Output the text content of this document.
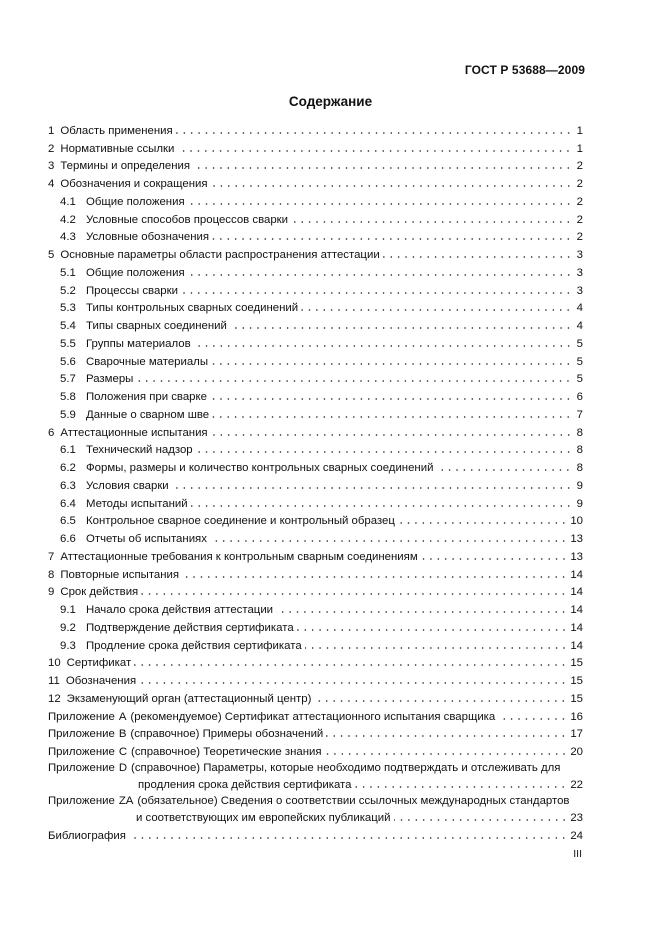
ГОСТ Р 53688—2009
Содержание
1 Область применения	1
2 Нормативные ссылки	1
3 Термины и определения	2
4 Обозначения и сокращения	2
4.1 Общие положения	2
4.2 Условные способов процессов сварки	2
4.3 Условные обозначения	2
5 Основные параметры области распространения аттестации	3
5.1 Общие положения	3
5.2 Процессы сварки	3
5.3 Типы контрольных сварных соединений	4
5.4 Типы сварных соединений	4
5.5 Группы материалов	5
5.6 Сварочные материалы	5
5.7 Размеры	5
5.8 Положения при сварке	6
5.9 Данные о сварном шве	7
6 Аттестационные испытания	8
6.1 Технический надзор	8
6.2 Формы, размеры и количество контрольных сварных соединений	8
6.3 Условия сварки	9
6.4 Методы испытаний	9
6.5 Контрольное сварное соединение и контрольный образец	10
6.6 Отчеты об испытаниях	13
7 Аттестационные требования к контрольным сварным соединениям	13
8 Повторные испытания	14
9 Срок действия	14
9.1 Начало срока действия аттестации	14
9.2 Подтверждение действия сертификата	14
9.3 Продление срока действия сертификата	14
10 Сертификат	15
11 Обозначения	15
12 Экзаменующий орган (аттестационный центр)	15
Приложение А (рекомендуемое) Сертификат аттестационного испытания сварщика	16
Приложение В (справочное) Примеры обозначений	17
Приложение С (справочное) Теоретические знания	20
Приложение D (справочное) Параметры, которые необходимо подтверждать и отслеживать для
продления срока действия сертификата	22
Приложение ZA (обязательное) Сведения о соответствии ссылочных международных стандартов
и соответствующих им европейских публикаций	23
Библиография	24
III
